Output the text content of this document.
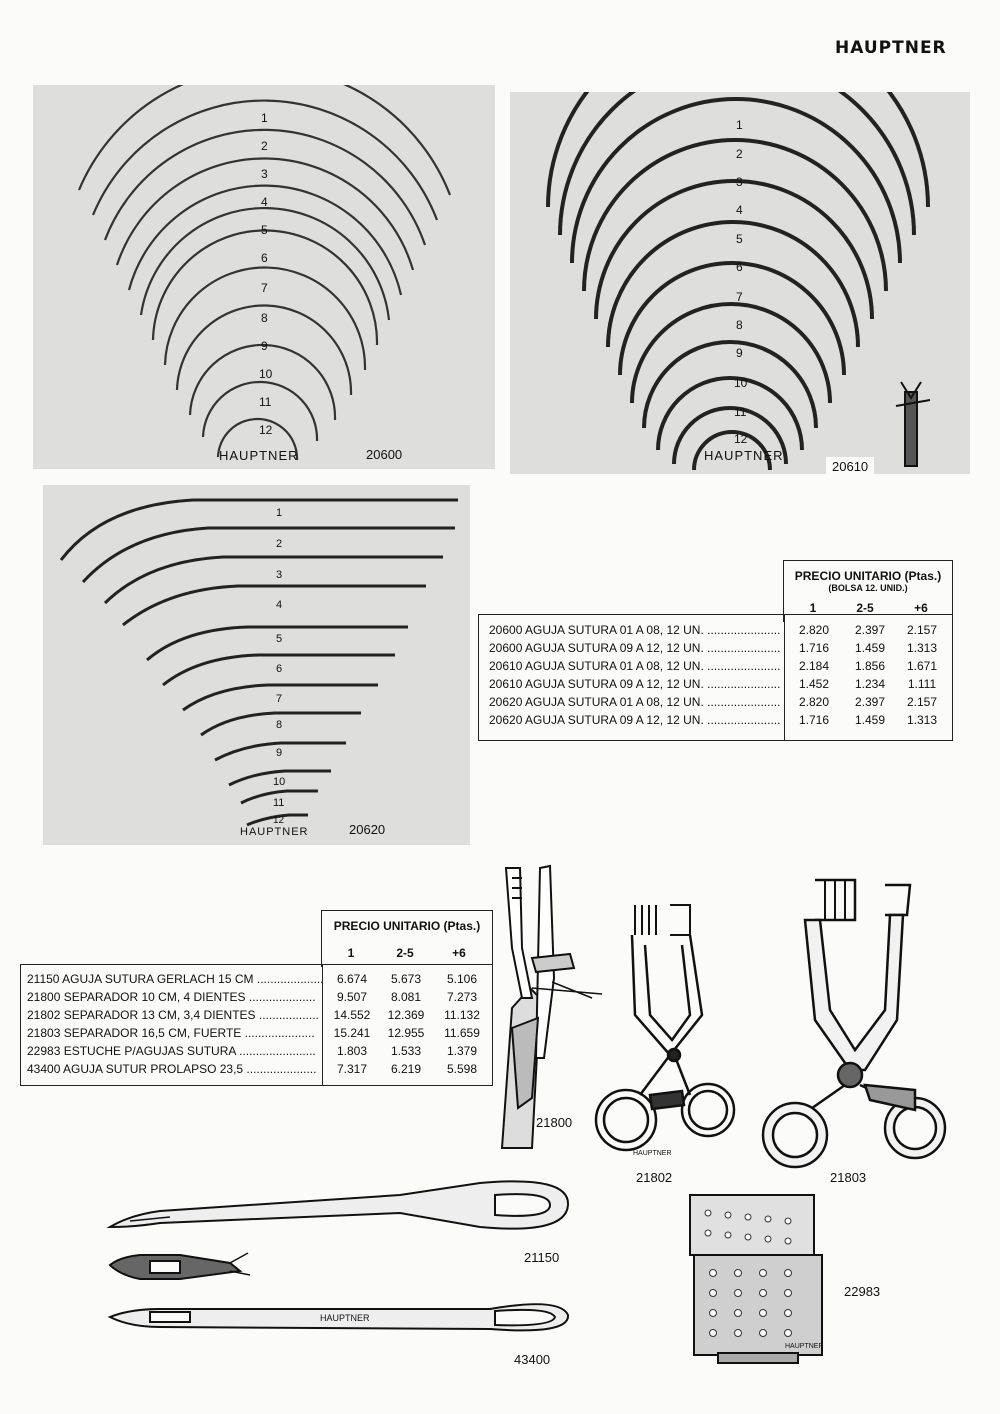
HAUPTNER
1
2
3
4
5
6
7
8
9
10
11
12
HAUPTNER	20600
1
2
3
4
5
6
7
8
9
10
11
12
HAUPTNER
20610
1
2
3
4
5
6
7
8
9
10
11
12
HAUPTNER	20620
PRECIO UNITARIO (Ptas.)
(BOLSA 12. UNID.)
1	2-5	+6
20600 AGUJA SUTURA 01 A 08, 12 UN. ......................	2.820	2.397	2.157
20600 AGUJA SUTURA 09 A 12, 12 UN. ......................	1.716	1.459	1.313
20610 AGUJA SUTURA 01 A 08, 12 UN. ......................	2.184	1.856	1.671
20610 AGUJA SUTURA 09 A 12, 12 UN. ......................	1.452	1.234	1.111
20620 AGUJA SUTURA 01 A 08, 12 UN. ......................	2.820	2.397	2.157
20620 AGUJA SUTURA 09 A 12, 12 UN. ......................	1.716	1.459	1.313
PRECIO UNITARIO (Ptas.)
1	2-5	+6
21150 AGUJA SUTURA GERLACH 15 CM ....................	6.674	5.673	5.106
21800 SEPARADOR 10 CM, 4 DIENTES ....................	9.507	8.081	7.273
21802 SEPARADOR 13 CM, 3,4 DIENTES ..................	14.552	12.369	11.132
21803 SEPARADOR 16,5 CM, FUERTE .....................	15.241	12.955	11.659
22983 ESTUCHE P/AGUJAS SUTURA .......................	1.803	1.533	1.379
43400 AGUJA SUTUR PROLAPSO 23,5 .....................	7.317	6.219	5.598
21800
HAUPTNER
21802	21803
21150
HAUPTNER
43400
HAUPTNER
22983
